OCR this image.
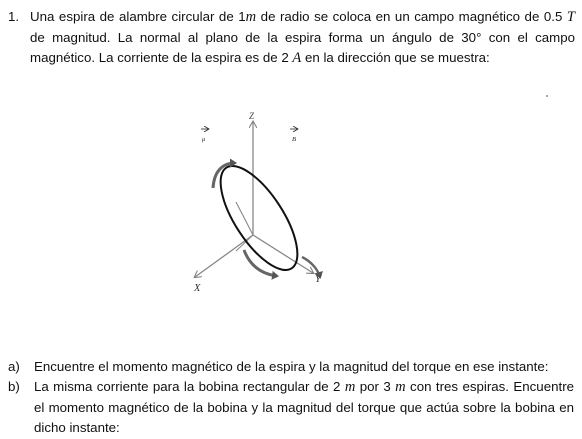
1. Una espira de alambre circular de 1m de radio se coloca en un campo magnético de 0.5 T
de magnitud. La normal al plano de la espira forma un ángulo de 30° con el campo
magnético. La corriente de la espira es de 2 A en la dirección que se muestra:
Z
X
Y
μ	B
a) Encuentre el momento magnético de la espira y la magnitud del torque en ese instante:
b) La misma corriente para la bobina rectangular de 2 m por 3 m con tres espiras. Encuentre
el momento magnético de la bobina y la magnitud del torque que actúa sobre la bobina en
dicho instante:
